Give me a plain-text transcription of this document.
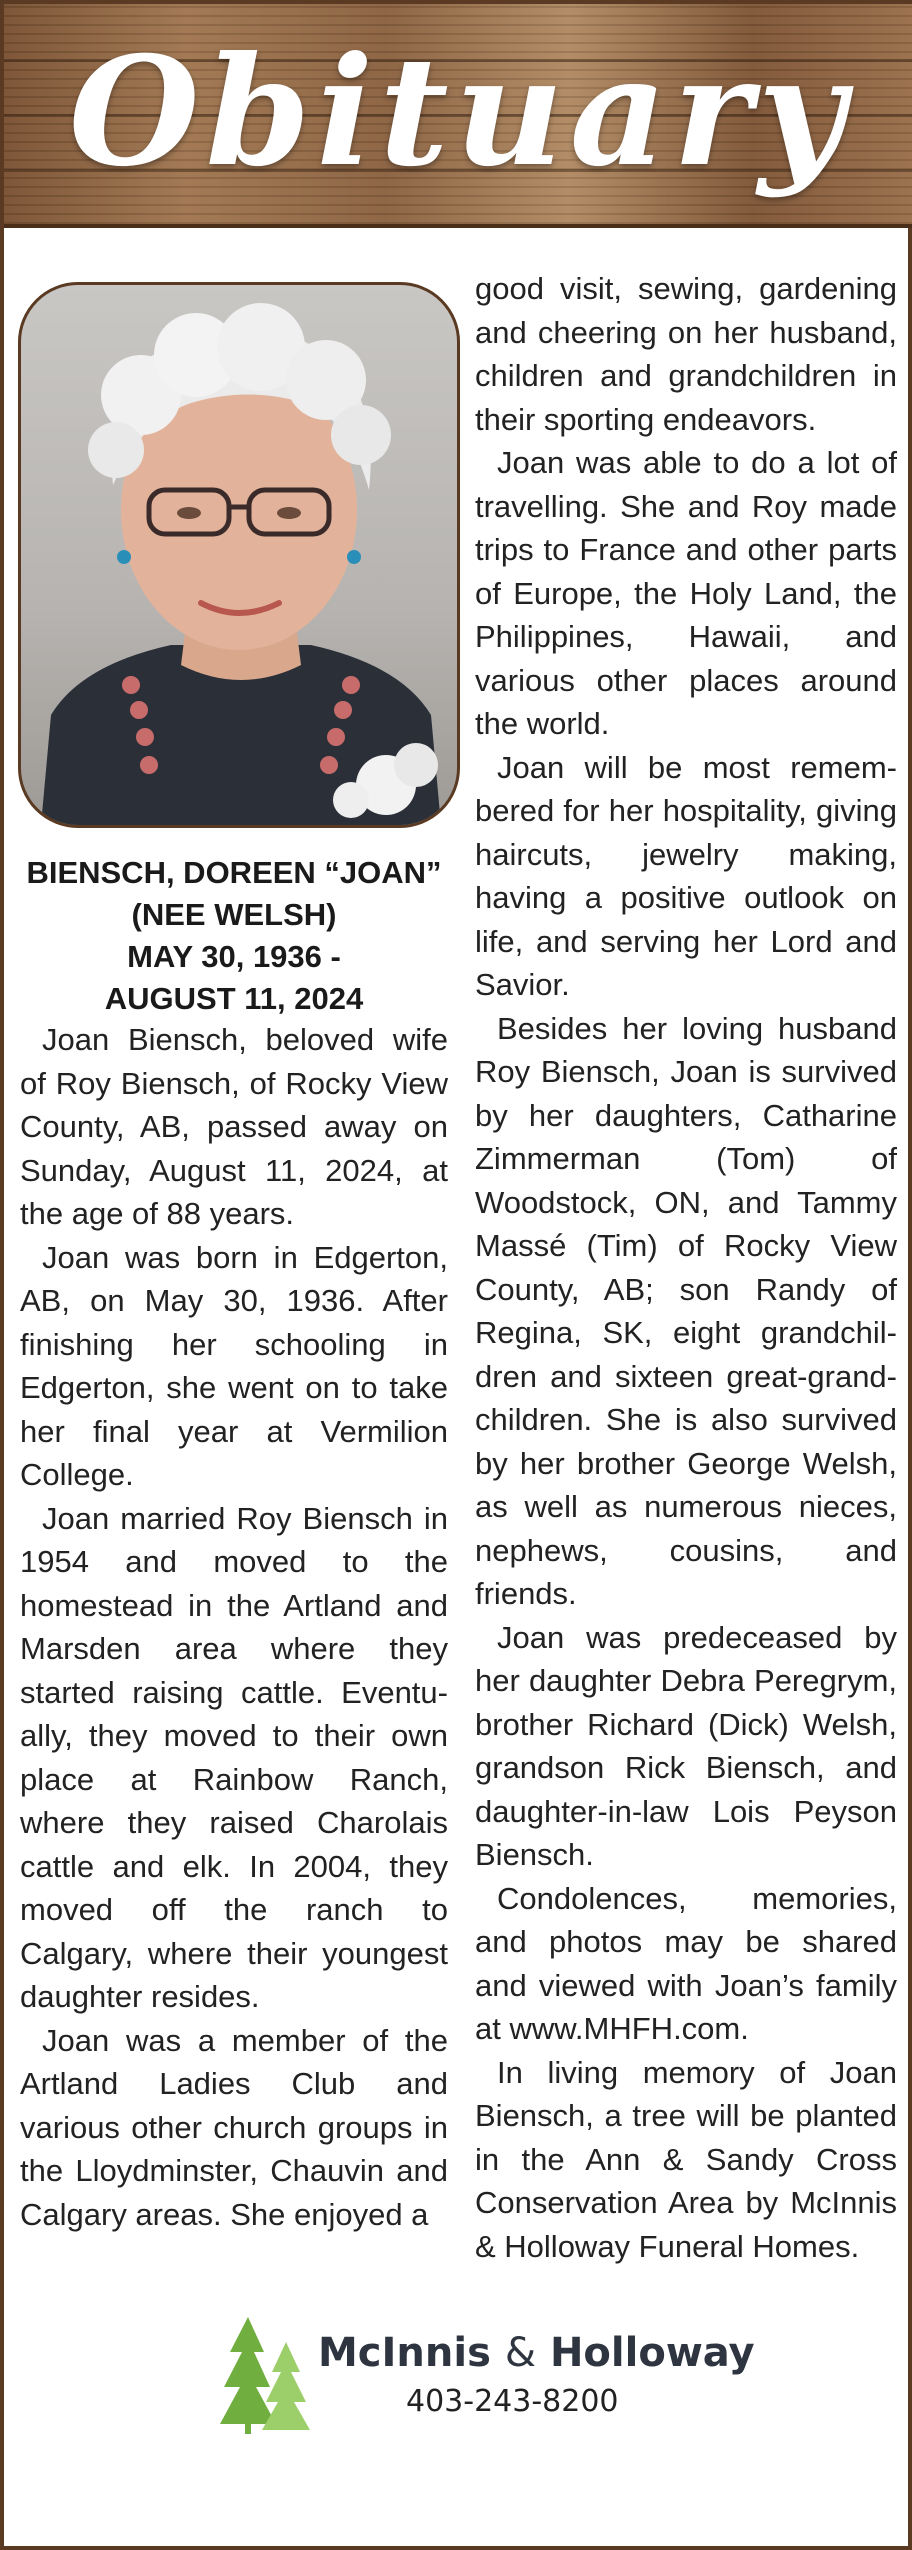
Obituary
BIENSCH, DOREEN “JOAN”
(NEE WELSH)
MAY 30, 1936 -
AUGUST 11, 2024

Joan Biensch, beloved wife of Roy Biensch, of Rocky View County, AB, passed away on Sunday, August 11, 2024, at the age of 88 years.

Joan was born in Edgerton, AB, on May 30, 1936. After finishing her schooling in Edgerton, she went on to take her final year at Vermilion College.

Joan married Roy Biensch in 1954 and moved to the homestead in the Artland and Marsden area where they started raising cattle. Eventu-ally, they moved to their own place at Rainbow Ranch, where they raised Charolais cattle and elk. In 2004, they moved off the ranch to Calgary, where their youngest daughter resides.

Joan was a member of the Artland Ladies Club and various other church groups in the Lloydminster, Chauvin and Calgary areas. She enjoyed a

good visit, sewing, gardening and cheering on her husband, children and grandchildren in their sporting endeavors.

Joan was able to do a lot of travelling. She and Roy made trips to France and other parts of Europe, the Holy Land, the Philippines, Hawaii, and various other places around the world.

Joan will be most remem-bered for her hospitality, giving haircuts, jewelry making, having a positive outlook on life, and serving her Lord and Savior.

Besides her loving husband Roy Biensch, Joan is survived by her daughters, Catharine Zimmerman (Tom) of Woodstock, ON, and Tammy Massé (Tim) of Rocky View County, AB; son Randy of Regina, SK, eight grandchil-dren and sixteen great-grand-children. She is also survived by her brother George Welsh, as well as numerous nieces, nephews, cousins, and friends.

Joan was predeceased by her daughter Debra Peregrym, brother Richard (Dick) Welsh, grandson Rick Biensch, and daughter-in-law Lois Peyson Biensch.

Condolences, memories, and photos may be shared and viewed with Joan’s family at www.MHFH.com.

In living memory of Joan Biensch, a tree will be planted in the Ann & Sandy Cross Conservation Area by McInnis & Holloway Funeral Homes.

McInnis & Holloway
403-243-8200
